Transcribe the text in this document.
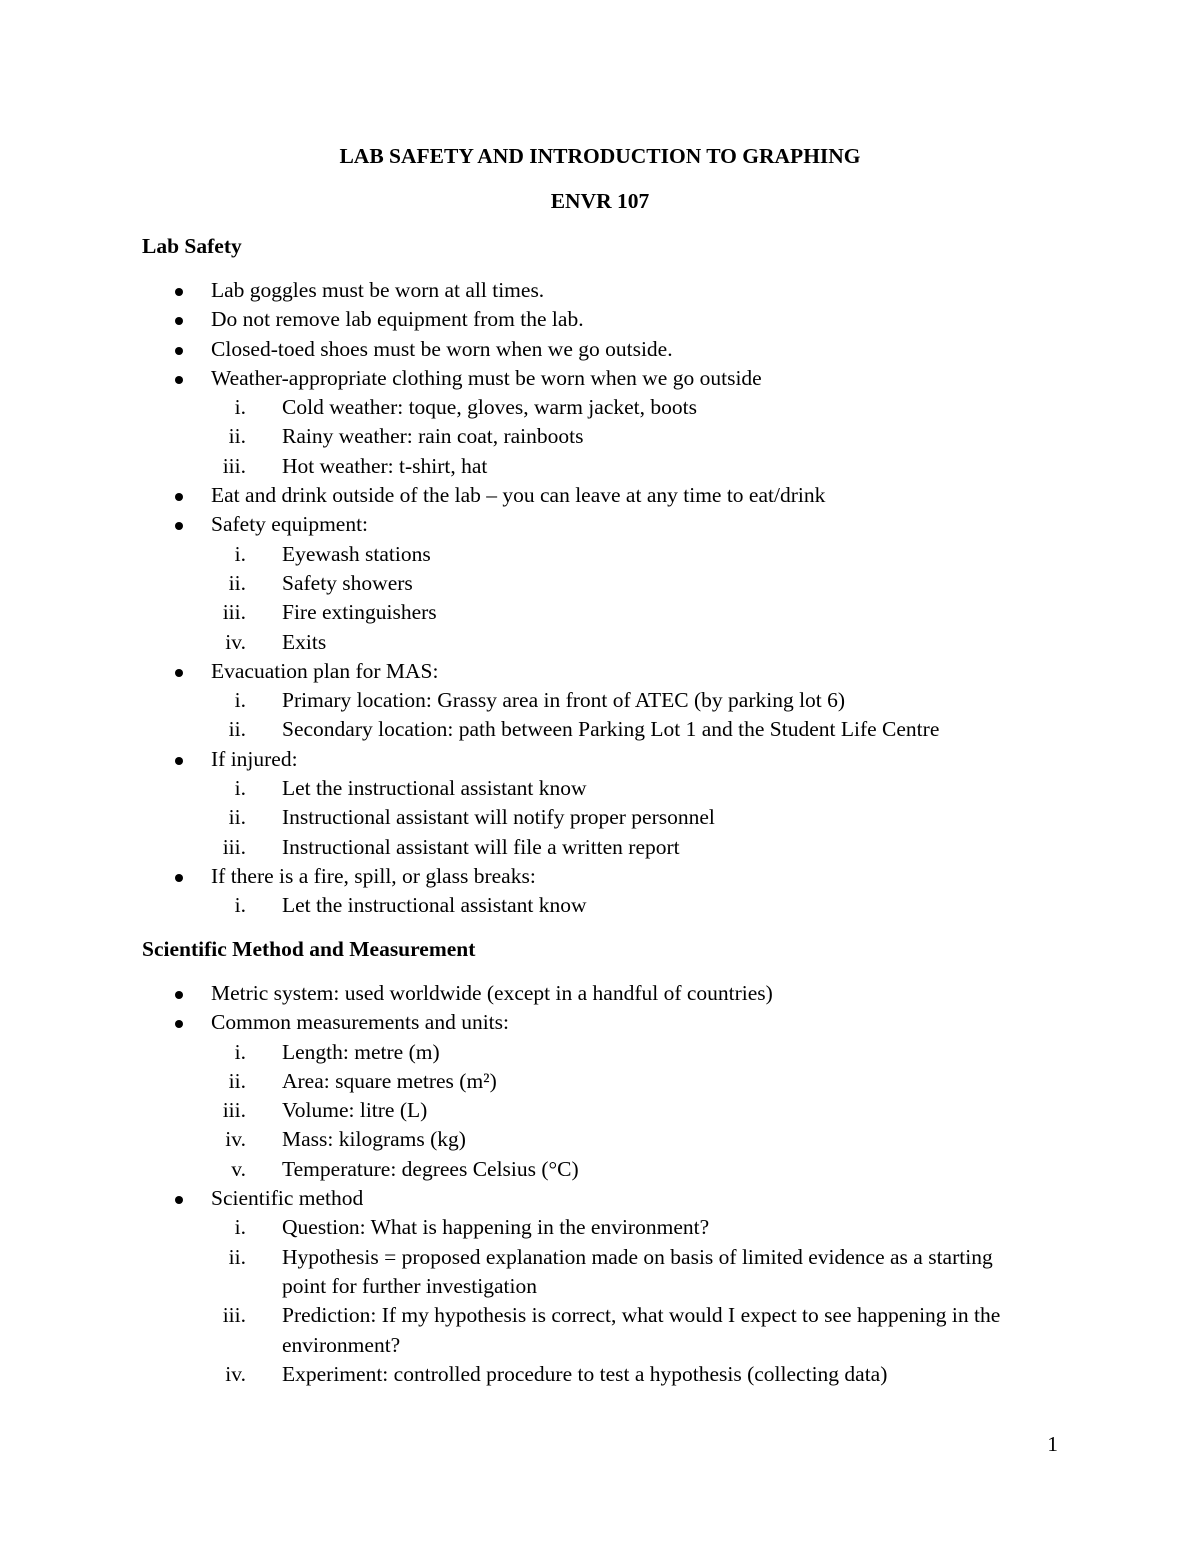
LAB SAFETY AND INTRODUCTION TO GRAPHING
ENVR 107
Lab Safety
Lab goggles must be worn at all times.
Do not remove lab equipment from the lab.
Closed-toed shoes must be worn when we go outside.
Weather-appropriate clothing must be worn when we go outside
i. Cold weather: toque, gloves, warm jacket, boots
ii. Rainy weather: rain coat, rainboots
iii. Hot weather: t-shirt, hat
Eat and drink outside of the lab – you can leave at any time to eat/drink
Safety equipment:
i. Eyewash stations
ii. Safety showers
iii. Fire extinguishers
iv. Exits
Evacuation plan for MAS:
i. Primary location: Grassy area in front of ATEC (by parking lot 6)
ii. Secondary location: path between Parking Lot 1 and the Student Life Centre
If injured:
i. Let the instructional assistant know
ii. Instructional assistant will notify proper personnel
iii. Instructional assistant will file a written report
If there is a fire, spill, or glass breaks:
i. Let the instructional assistant know
Scientific Method and Measurement
Metric system: used worldwide (except in a handful of countries)
Common measurements and units:
i. Length: metre (m)
ii. Area: square metres (m²)
iii. Volume: litre (L)
iv. Mass: kilograms (kg)
v. Temperature: degrees Celsius (°C)
Scientific method
i. Question: What is happening in the environment?
ii. Hypothesis = proposed explanation made on basis of limited evidence as a starting point for further investigation
iii. Prediction: If my hypothesis is correct, what would I expect to see happening in the environment?
iv. Experiment: controlled procedure to test a hypothesis (collecting data)
1
